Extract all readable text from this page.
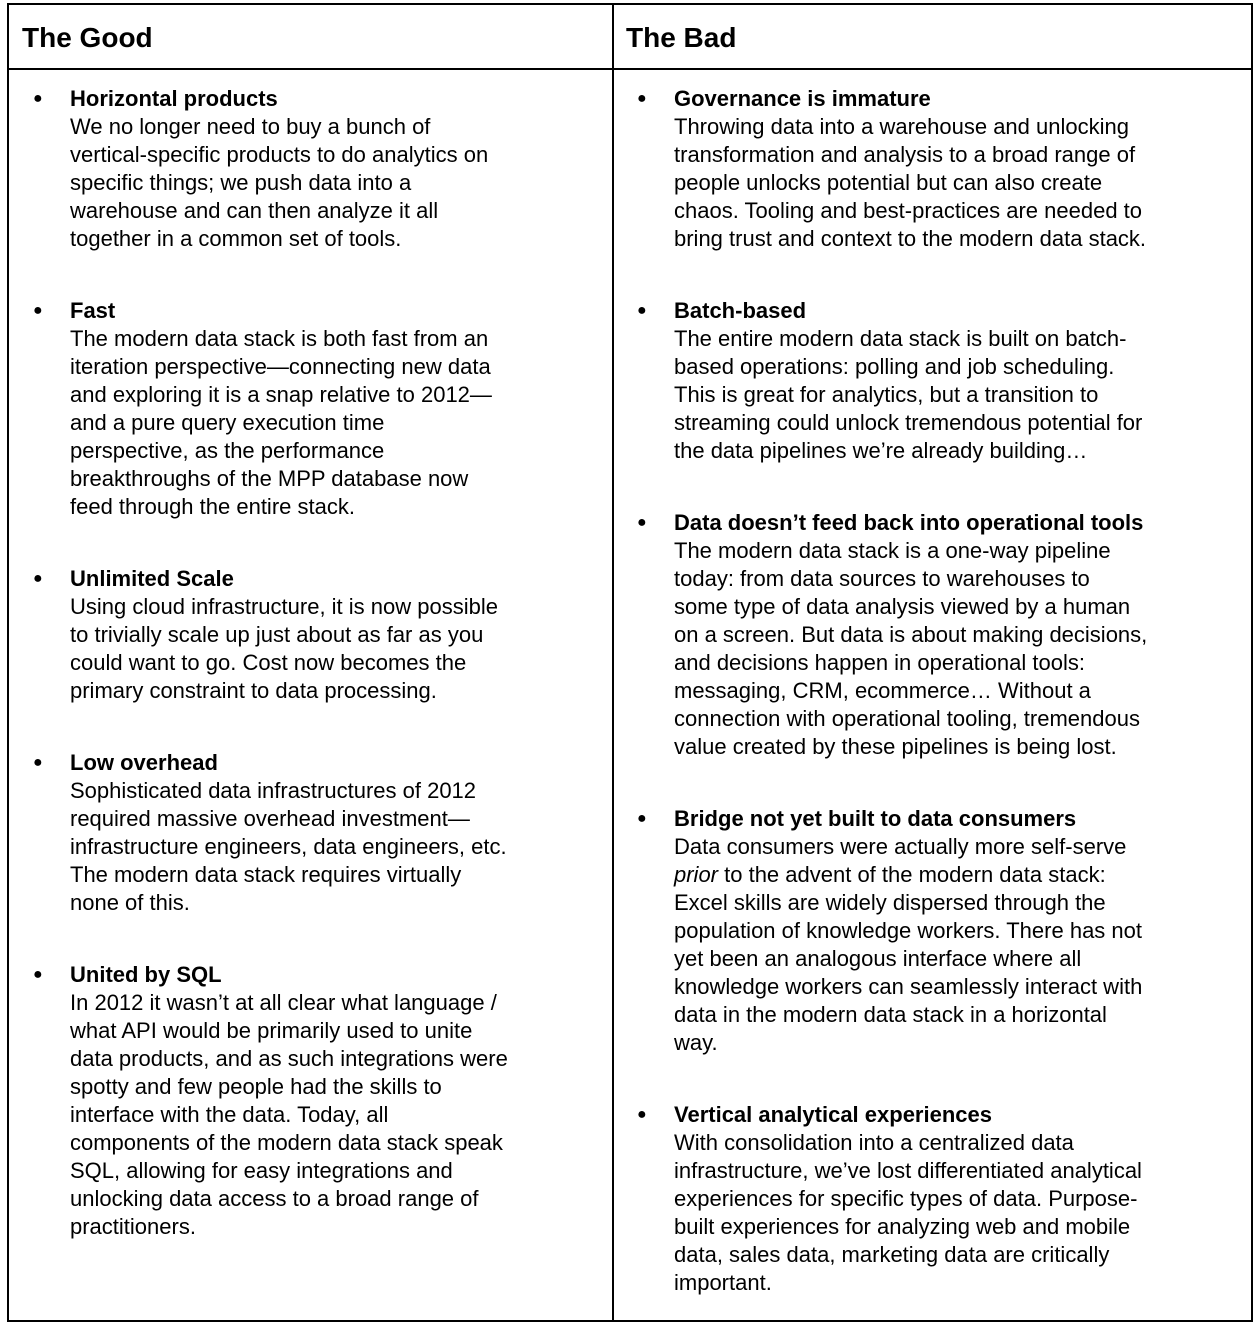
The Good	The Bad
● Horizontal products
We no longer need to buy a bunch of
vertical-specific products to do analytics on
specific things; we push data into a
warehouse and can then analyze it all
together in a common set of tools.
● Fast
The modern data stack is both fast from an
iteration perspective—connecting new data
and exploring it is a snap relative to 2012—
and a pure query execution time
perspective, as the performance
breakthroughs of the MPP database now
feed through the entire stack.
● Unlimited Scale
Using cloud infrastructure, it is now possible
to trivially scale up just about as far as you
could want to go. Cost now becomes the
primary constraint to data processing.
● Low overhead
Sophisticated data infrastructures of 2012
required massive overhead investment—
infrastructure engineers, data engineers, etc.
The modern data stack requires virtually
none of this.
● United by SQL
In 2012 it wasn’t at all clear what language /
what API would be primarily used to unite
data products, and as such integrations were
spotty and few people had the skills to
interface with the data. Today, all
components of the modern data stack speak
SQL, allowing for easy integrations and
unlocking data access to a broad range of
practitioners.
● Governance is immature
Throwing data into a warehouse and unlocking
transformation and analysis to a broad range of
people unlocks potential but can also create
chaos. Tooling and best-practices are needed to
bring trust and context to the modern data stack.
● Batch-based
The entire modern data stack is built on batch-
based operations: polling and job scheduling.
This is great for analytics, but a transition to
streaming could unlock tremendous potential for
the data pipelines we’re already building…
● Data doesn’t feed back into operational tools
The modern data stack is a one-way pipeline
today: from data sources to warehouses to
some type of data analysis viewed by a human
on a screen. But data is about making decisions,
and decisions happen in operational tools:
messaging, CRM, ecommerce… Without a
connection with operational tooling, tremendous
value created by these pipelines is being lost.
● Bridge not yet built to data consumers
Data consumers were actually more self-serve
prior to the advent of the modern data stack:
Excel skills are widely dispersed through the
population of knowledge workers. There has not
yet been an analogous interface where all
knowledge workers can seamlessly interact with
data in the modern data stack in a horizontal
way.
● Vertical analytical experiences
With consolidation into a centralized data
infrastructure, we’ve lost differentiated analytical
experiences for specific types of data. Purpose-
built experiences for analyzing web and mobile
data, sales data, marketing data are critically
important.
